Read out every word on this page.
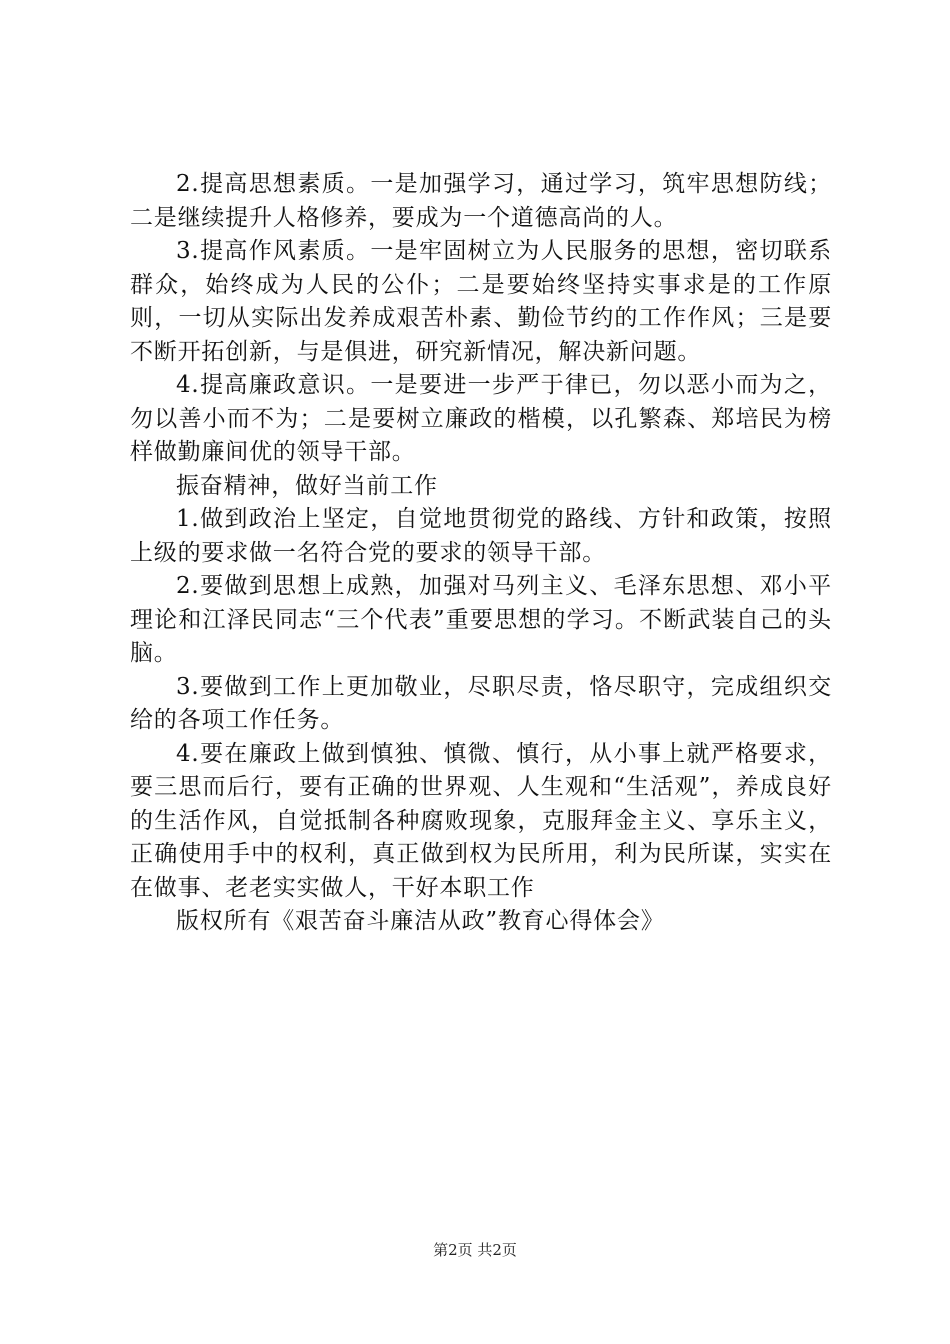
2.提高思想素质。一是加强学习，通过学习，筑牢思想防线；二是继续提升人格修养，要成为一个道德高尚的人。

3.提高作风素质。一是牢固树立为人民服务的思想，密切联系群众，始终成为人民的公仆；二是要始终坚持实事求是的工作原则，一切从实际出发养成艰苦朴素、勤俭节约的工作作风；三是要不断开拓创新，与是俱进，研究新情况，解决新问题。

4.提高廉政意识。一是要进一步严于律已，勿以恶小而为之，勿以善小而不为；二是要树立廉政的楷模，以孔繁森、郑培民为榜样做勤廉间优的领导干部。

振奋精神，做好当前工作

1.做到政治上坚定，自觉地贯彻党的路线、方针和政策，按照上级的要求做一名符合党的要求的领导干部。

2.要做到思想上成熟，加强对马列主义、毛泽东思想、邓小平理论和江泽民同志“三个代表”重要思想的学习。不断武装自己的头脑。

3.要做到工作上更加敬业，尽职尽责，恪尽职守，完成组织交给的各项工作任务。

4.要在廉政上做到慎独、慎微、慎行，从小事上就严格要求，要三思而后行，要有正确的世界观、人生观和“生活观”，养成良好的生活作风，自觉抵制各种腐败现象，克服拜金主义、享乐主义，正确使用手中的权利，真正做到权为民所用，利为民所谋，实实在在做事、老老实实做人，干好本职工作

版权所有《艰苦奋斗廉洁从政”教育心得体会》

第2页 共2页
